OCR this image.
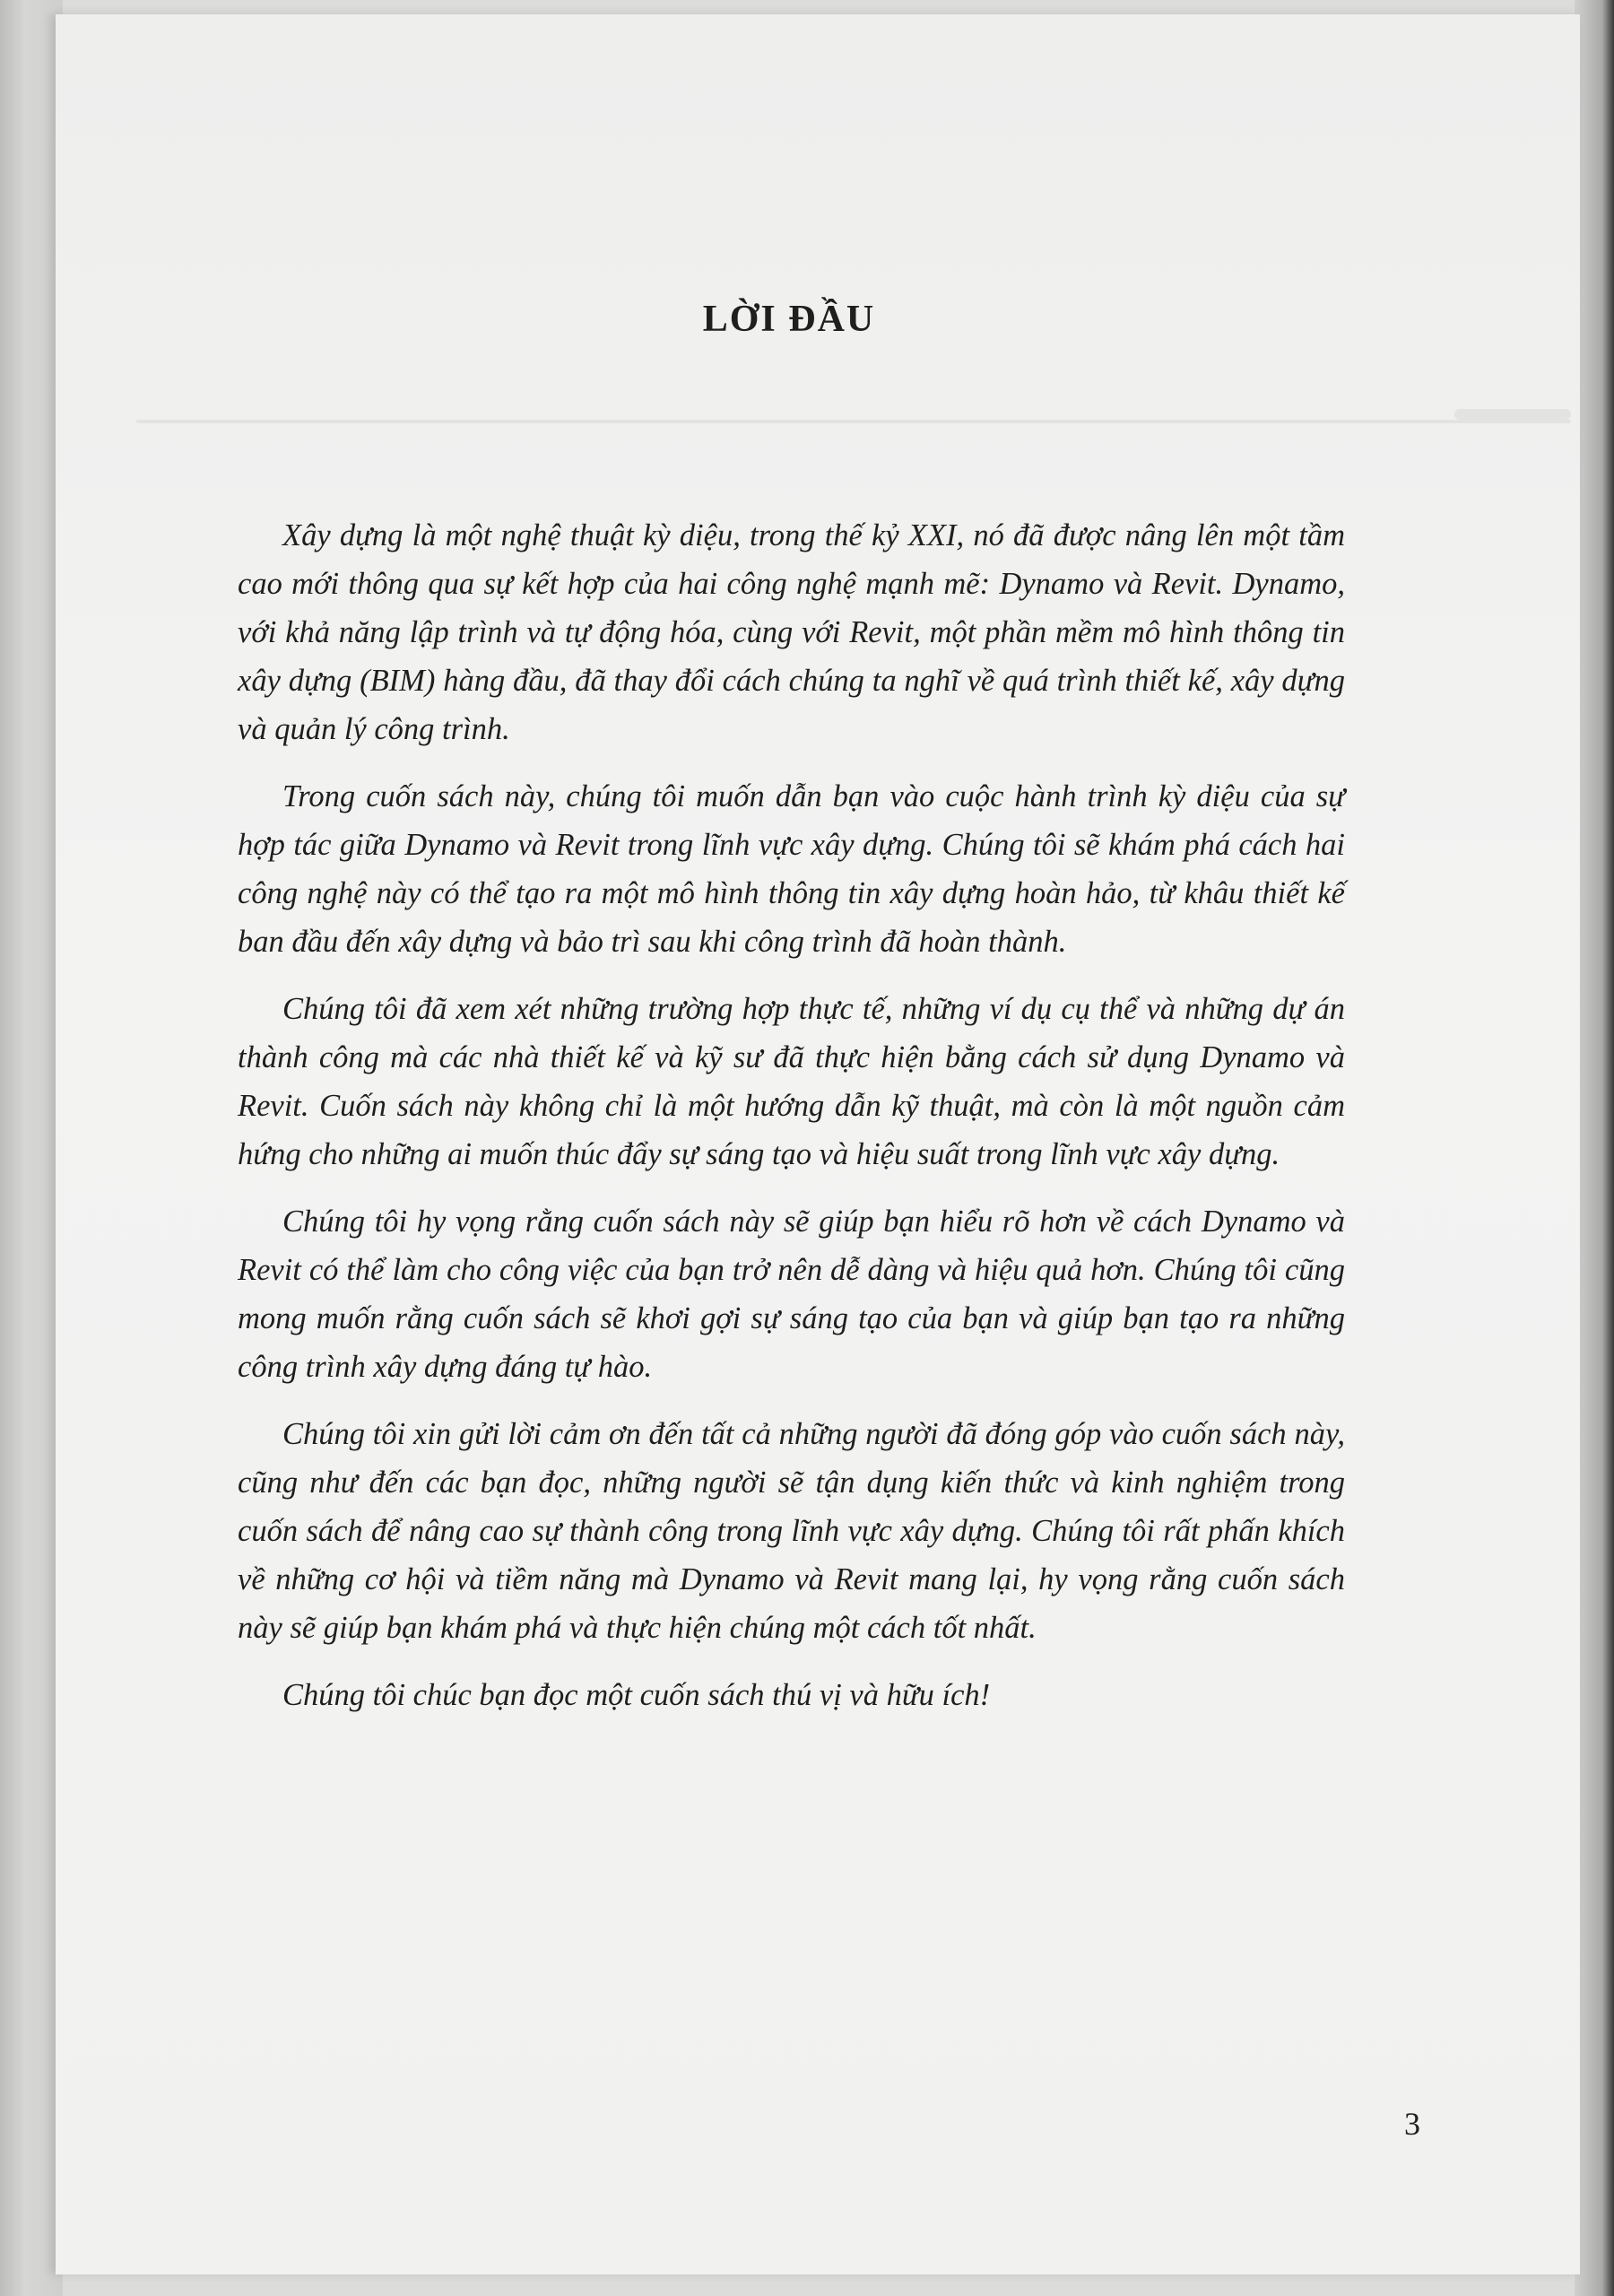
LỜI ĐẦU

Xây dựng là một nghệ thuật kỳ diệu, trong thế kỷ XXI, nó đã được nâng lên một tầm cao mới thông qua sự kết hợp của hai công nghệ mạnh mẽ: Dynamo và Revit. Dynamo, với khả năng lập trình và tự động hóa, cùng với Revit, một phần mềm mô hình thông tin xây dựng (BIM) hàng đầu, đã thay đổi cách chúng ta nghĩ về quá trình thiết kế, xây dựng và quản lý công trình.

Trong cuốn sách này, chúng tôi muốn dẫn bạn vào cuộc hành trình kỳ diệu của sự hợp tác giữa Dynamo và Revit trong lĩnh vực xây dựng. Chúng tôi sẽ khám phá cách hai công nghệ này có thể tạo ra một mô hình thông tin xây dựng hoàn hảo, từ khâu thiết kế ban đầu đến xây dựng và bảo trì sau khi công trình đã hoàn thành.

Chúng tôi đã xem xét những trường hợp thực tế, những ví dụ cụ thể và những dự án thành công mà các nhà thiết kế và kỹ sư đã thực hiện bằng cách sử dụng Dynamo và Revit. Cuốn sách này không chỉ là một hướng dẫn kỹ thuật, mà còn là một nguồn cảm hứng cho những ai muốn thúc đẩy sự sáng tạo và hiệu suất trong lĩnh vực xây dựng.

Chúng tôi hy vọng rằng cuốn sách này sẽ giúp bạn hiểu rõ hơn về cách Dynamo và Revit có thể làm cho công việc của bạn trở nên dễ dàng và hiệu quả hơn. Chúng tôi cũng mong muốn rằng cuốn sách sẽ khơi gợi sự sáng tạo của bạn và giúp bạn tạo ra những công trình xây dựng đáng tự hào.

Chúng tôi xin gửi lời cảm ơn đến tất cả những người đã đóng góp vào cuốn sách này, cũng như đến các bạn đọc, những người sẽ tận dụng kiến thức và kinh nghiệm trong cuốn sách để nâng cao sự thành công trong lĩnh vực xây dựng. Chúng tôi rất phấn khích về những cơ hội và tiềm năng mà Dynamo và Revit mang lại, hy vọng rằng cuốn sách này sẽ giúp bạn khám phá và thực hiện chúng một cách tốt nhất.

Chúng tôi chúc bạn đọc một cuốn sách thú vị và hữu ích!

3
